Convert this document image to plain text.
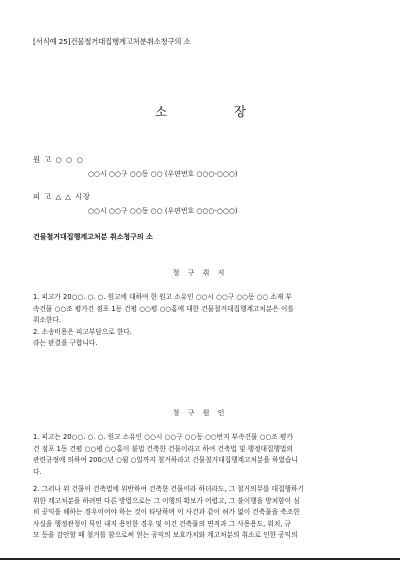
[서식예 25]건물철거대집행계고처분취소청구의 소
소	장
원 고 ○ ○ ○
○○시 ○○구 ○○동 ○○ (우편번호 ○○○-○○○)
피 고 △ △ 시장
○○시 ○○구 ○○동 ○○ (우편번호 ○○○-○○○)
건물철거대집행계고처분 취소청구의 소
청 구 취 지
1. 피고가 20○○. ○. ○. 원고에 대하여 한 원고 소유인 ○○시 ○○구 ○○동 ○○ 소재 부
속건물 ○○조 평가건 점포 1동 건평 ○○평 ○○홉에 대한 건물철거대집행계고처분은 이를
취소한다.
2. 소송비용은 피고부담으로 한다.
라는 판결을 구합니다.
청 구 원 인
1. 피고는 20○○. ○. ○. 원고 소유인 ○○시 ○○구 ○○동 ○○번지 부속건물 ○○조 평가
건 점포 1동 건평 ○○평 ○○홉이 불법 건축한 건물이라고 하여 건축법 및 행정대집행법의
관련규정에 의하여 200○년 ○월 ○일까지 철거하라고 건물철거대집행계고처분을 하였습니
다.
2. 그러나 위 건물이 건축법에 위반하여 건축한 건물이라 하더라도, 그 철거의무를 대집행하기
위한 계고처분을 하려면 다른 방법으로는 그 이행의 확보가 어렵고, 그 불이행을 방치함이 심
히 공익을 해하는 경우이어야 하는 것이 타당하며 이 사건과 같이 허가 없이 건축물을 축조한
사실을 행정관청이 묵인 내지 용인한 경우 및 이건 건축물의 면적과 그 사용용도, 위치, 규
모 등을 감안할 때 철거를 함으로써 얻는 공익의 보호가치와 계고처분의 취소로 인한 공익의
